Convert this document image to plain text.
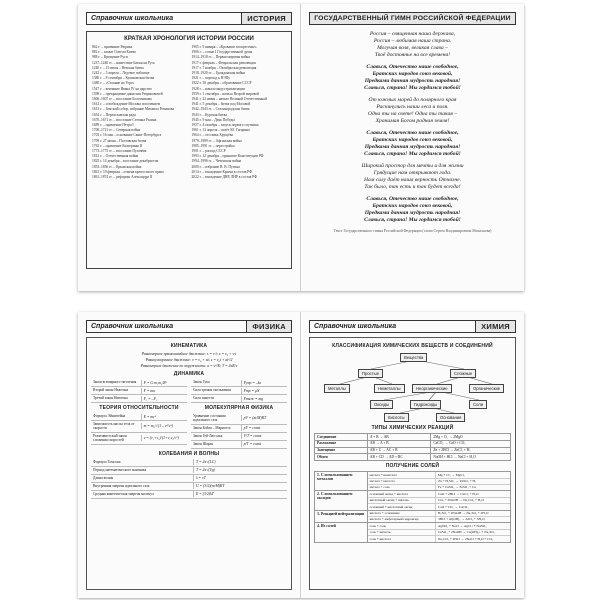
Справочник школьника	ИСТОРИЯ
КРАТКАЯ ХРОНОЛОГИЯ ИСТОРИИ РОССИИ
862 г. – призвание Рюрика
882 г. – захват Олегом Киева
988 г. – Крещение Руси
1237–1240 гг. – нашествие Батыя на Русь
1240 г. – 15 июля – Невская битва
1242 г. – 5 апреля – Ледовое побоище
1380 г. – 8 сентября – Куликовская битва
1480 г. – «Стояние на Угре»
1547 г. – венчание Ивана IV на царство
1598 г. – прекращение династии Рюриковичей
1606–1607 гг. – восстание Болотникова
1612 г. – освобождение Москвы ополчением
1613 г. – Земский собор, избрание Михаила Романова
1654 г. – Переяславская рада
1670–1671 гг. – восстание Степана Разина
1689 г. – правление Петра I
1700–1721 гг. – Северная война
1703 г. 16 мая – основание Санкт-Петербурга
1709 г. 27 июня – Полтавская битва
1762 г. – правление Екатерины II
1773–1775 гг. – восстание Пугачёва
1812 г. – Отечественная война
1825 г. 14 декабря – восстание декабристов
1853–1856 гг. – Крымская война
1861 г. 19 февраля – отмена крепостного права
1861–1874 гг. – реформы Александра II
1905 г. 9 января – «Кровавое воскресенье»
1906 г. – созыв I Государственной думы
1914–1918 гг. – Первая мировая война
1917 г. февраль – Февральская революция
1917 г. 7 ноября – Октябрьская революция
1918–1920 гг. – Гражданская война
1921 г. – переход к НЭПу
1922 г. 30 декабря – образование СССР
1928 г. – начало индустриализации
1939 г. 1 сентября – начало Второй мировой
1941 г. 22 июня – начало Великой Отечественной
1941 г. 5 декабря – битва под Москвой
1942–1943 гг. – Сталинградская битва
1943 г. – Курская битва
1945 г. 9 мая – День Победы
1957 г. 4 октября – запуск первого спутника
1961 г. 12 апреля – полёт Ю. Гагарина
1964 г. – отставка Хрущёва
1979–1989 гг. – Афганская война
1985–1991 гг. – перестройка
1991 г. – распад СССР
1993 г. 12 декабря – принятие Конституции РФ
1994–1996 гг. – Чеченская война
2000 г. – избрание В. В. Путина
2014 г. – вхождение Крыма в состав РФ
2022 г. – вхождение ДНР, ЛНР в состав РФ
ГОСУДАРСТВЕННЫЙ ГИМН РОССИЙСКОЙ ФЕДЕРАЦИИ
Россия – священная наша держава,
Россия – любимая наша страна.
Могучая воля, великая слава –
Твоё достоянье на все времена!
Славься, Отечество наше свободное,
Братских народов союз вековой,
Предками данная мудрость народная!
Славься, страна! Мы гордимся тобой!
От южных морей до полярного края
Раскинулись наши леса и поля.
Одна ты на свете! Одна ты такая –
Хранимая Богом родная земля!
Славься, Отечество наше свободное,
Братских народов союз вековой,
Предками данная мудрость народная!
Славься, страна! Мы гордимся тобой!
Широкий простор для мечты и для жизни
Грядущие нам открывают года.
Нам силу даёт наша верность Отчизне.
Так было, так есть и так будет всегда!
Славься, Отечество наше свободное,
Братских народов союз вековой,
Предками данная мудрость народная!
Славься, страна! Мы гордимся тобой!
Текст Государственного гимна Российской Федерации (слова Сергея Владимировича Михалкова)
Справочник школьника	ФИЗИКА
КИНЕМАТИКА
Равномерное прямолинейное движение: s = v·t; x = x₀ + v·t
Равноускоренное движение: v = v₀ + at; s = v₀t + at²/2
Равномерное движение по окружности: a = v²/R; T = 2πR/v
ДИНАМИКА
Закон всемирного тяготения	F = G·m₁m₂/R²
Второй закон Ньютона	F = ma
Третий закон Ньютона	F₁ = –F₂
Закон Гука	Fупр = –kx
Сила трения скольжения	Fтр = μN
Сила тяжести	Fтяж = mg
ТЕОРИЯ ОТНОСИТЕЛЬНОСТИ
Формула Эйнштейна	E = mc²
Зависимость массы тела от скорости	m = m₀/√(1 – v²/c²)
Релятивистский закон сложения скоростей	v = (v₁+v₂)/(1+v₁v₂/c²)
МОЛЕКУЛЯРНАЯ ФИЗИКА
Уравнение состояния идеального газа	pV = (m/M)RT
Закон Бойля – Мариотта	pV = const
Закон Гей-Люссака	V/T = const
Закон Шарля	p/T = const
КОЛЕБАНИЯ И ВОЛНЫ
Формула Томсона	T = 2π√(LC)
Период математического маятника	T = 2π√(l/g)
Длина волны	λ = vT
Внутренняя энергия идеального газа	U = (3/2)(m/M)RT
Средняя кинетическая энергия молекул	E = (3/2)kT
Справочник школьника	ХИМИЯ
КЛАССИФИКАЦИЯ ХИМИЧЕСКИХ ВЕЩЕСТВ И СОЕДИНЕНИЙ
Вещества
Простые	Сложные
Металлы	Неметаллы	Неорганические	Органические
Оксиды	Гидроксиды	Соли
Кислоты	Основания
ТИПЫ ХИМИЧЕСКИХ РЕАКЦИЙ
Соединение	A + B → AB	2Mg + O₂ → 2MgO
Разложение	AB → A + B	CaCO₃ → CaO + CO₂
Замещение	AB + C → AC + B	Zn + 2HCl → ZnCl₂ + H₂
Обмен	AB + CD → AD + BC	NaOH + HCl → NaCl + H₂O
ПОЛУЧЕНИЕ СОЛЕЙ
1. С использованием металлов
металл + неметалл	Mg + Cl₂ → MgCl₂
металл + кислота	Zn + H₂SO₄ → ZnSO₄ + H₂
металл + соль	Fe + CuSO₄ → FeSO₄ + Cu
2. С использованием оксидов
основный оксид + кислота	CuO + 2HCl → CuCl₂ + H₂O
кислотный оксид + щёлочь	CO₂ + 2NaOH → Na₂CO₃ + H₂O
основный + кислотный оксид	CaO + CO₂ → CaCO₃
3. Реакцией нейтрализации	кислота + основание	H₂SO₄ + 2NaOH → Na₂SO₄ + 2H₂O
кислота + амфотерный гидроксид	3HCl + Al(OH)₃ → AlCl₃ + 3H₂O
4. Из солей	соль + соль	AgNO₃ + NaCl → AgCl↓ + NaNO₃
соль + щёлочь	CuSO₄ + 2NaOH → Cu(OH)₂↓ + Na₂SO₄
соль + кислота	Na₂CO₃ + 2HCl → 2NaCl + H₂O + CO₂
